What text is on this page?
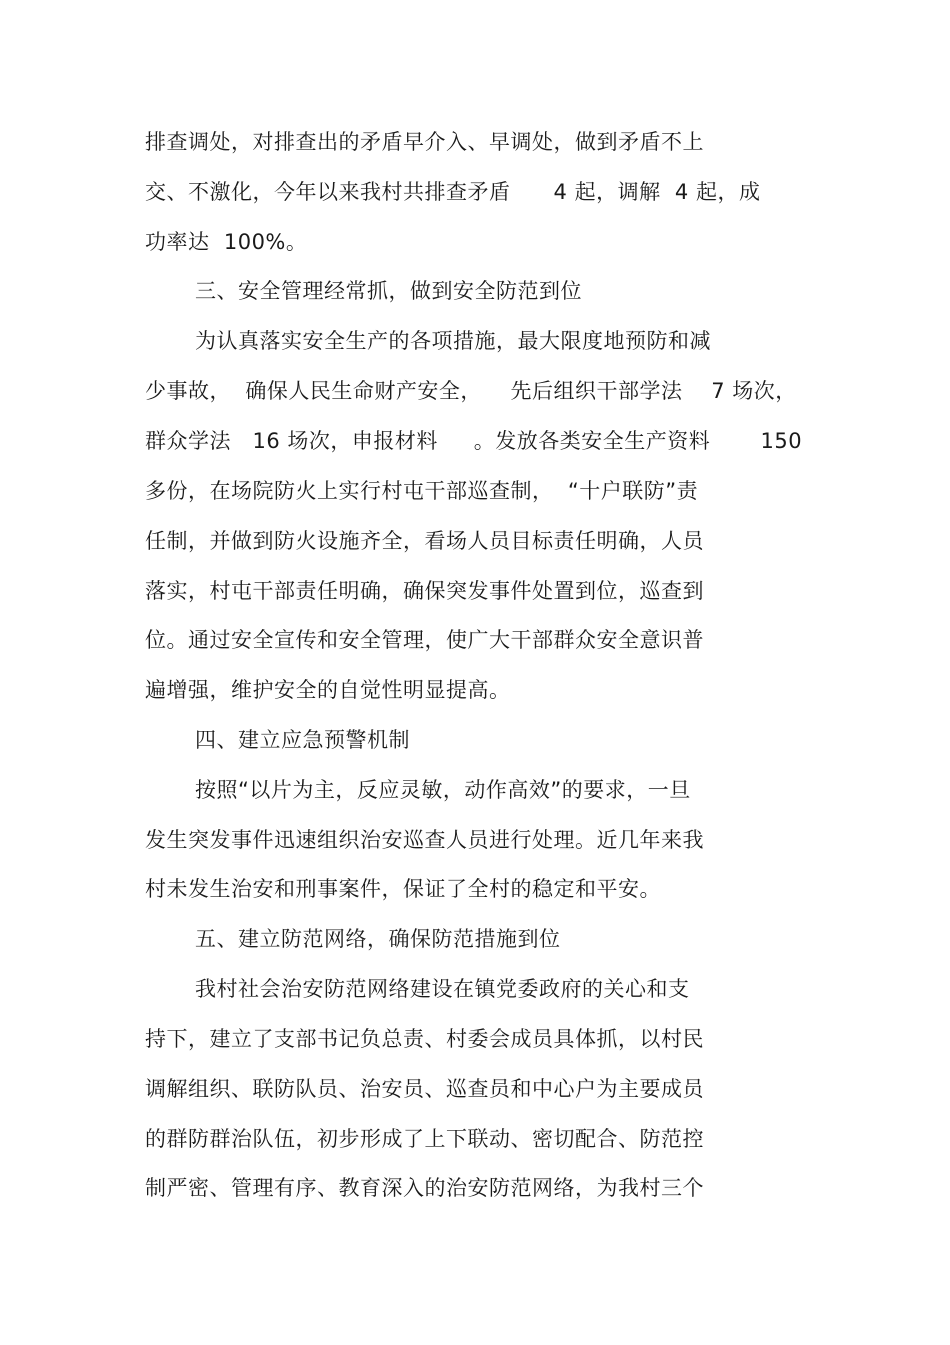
排查调处，对排查出的矛盾早介入、早调处，做到矛盾不上
交、不激化，今年以来我村共排查矛盾      4 起，调解  4 起，成
功率达  100%。
三、安全管理经常抓，做到安全防范到位
为认真落实安全生产的各项措施，最大限度地预防和减
少事故，  确保人民生命财产安全，    先后组织干部学法    7 场次，
群众学法   16 场次，申报材料     。发放各类安全生产资料       150
多份，在场院防火上实行村屯干部巡查制，  “十户联防”责
任制，并做到防火设施齐全，看场人员目标责任明确，人员
落实，村屯干部责任明确，确保突发事件处置到位，巡查到
位。通过安全宣传和安全管理，使广大干部群众安全意识普
遍增强，维护安全的自觉性明显提高。
四、建立应急预警机制
按照“以片为主，反应灵敏，动作高效”的要求，一旦
发生突发事件迅速组织治安巡查人员进行处理。近几年来我
村未发生治安和刑事案件，保证了全村的稳定和平安。
五、建立防范网络，确保防范措施到位
我村社会治安防范网络建设在镇党委政府的关心和支
持下，建立了支部书记负总责、村委会成员具体抓，以村民
调解组织、联防队员、治安员、巡查员和中心户为主要成员
的群防群治队伍，初步形成了上下联动、密切配合、防范控
制严密、管理有序、教育深入的治安防范网络，为我村三个
